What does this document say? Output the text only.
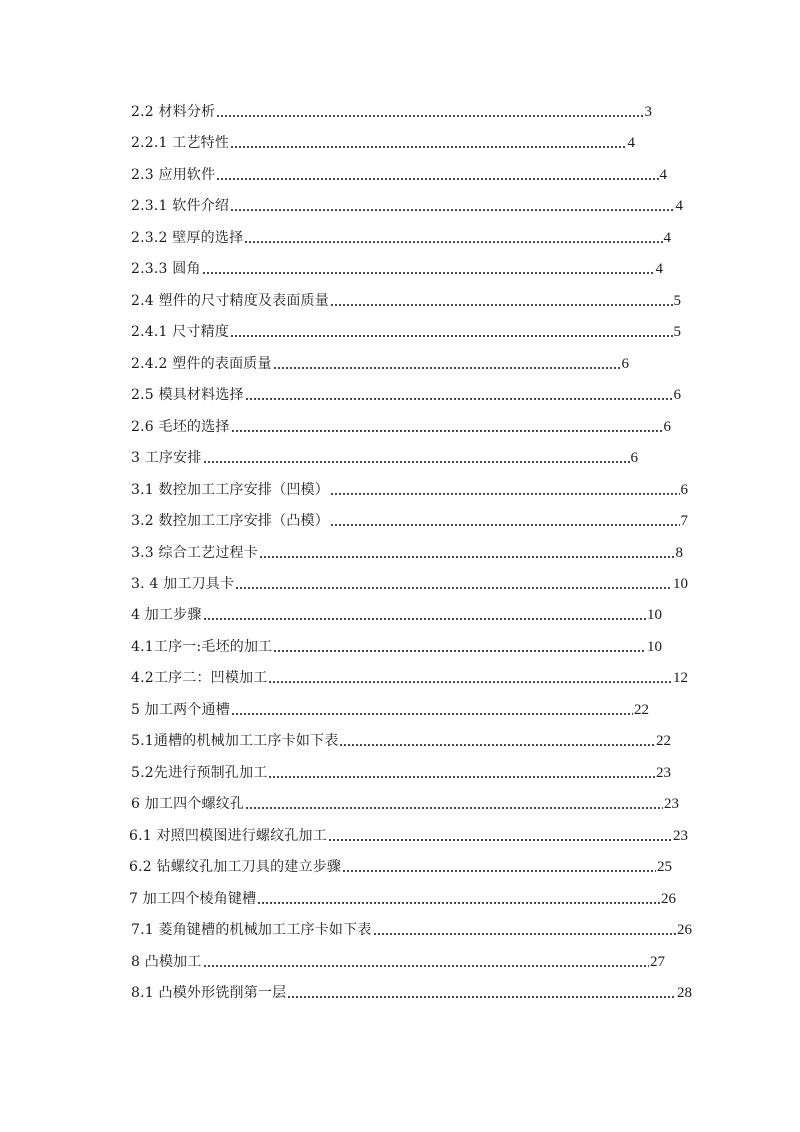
2.2 材料分析	3
2.2.1 工艺特性	4
2.3 应用软件	4
2.3.1 软件介绍	4
2.3.2 壁厚的选择	4
2.3.3 圆角	4
2.4 塑件的尺寸精度及表面质量	5
2.4.1 尺寸精度	5
2.4.2 塑件的表面质量	6
2.5 模具材料选择	6
2.6 毛坯的选择	6
3 工序安排	6
3.1 数控加工工序安排（凹模）	6
3.2 数控加工工序安排（凸模）	7
3.3 综合工艺过程卡	8
3. 4 加工刀具卡	10
4 加工步骤	10
4.1工序一:毛坯的加工	10
4.2工序二：凹模加工	12
5 加工两个通槽	22
5.1通槽的机械加工工序卡如下表	22
5.2先进行预制孔加工	23
6 加工四个螺纹孔	23
6.1 对照凹模图进行螺纹孔加工	23
6.2 钻螺纹孔加工刀具的建立步骤	25
7 加工四个棱角键槽	26
7.1 菱角键槽的机械加工工序卡如下表	26
8 凸模加工	27
8.1 凸模外形铣削第一层	28
